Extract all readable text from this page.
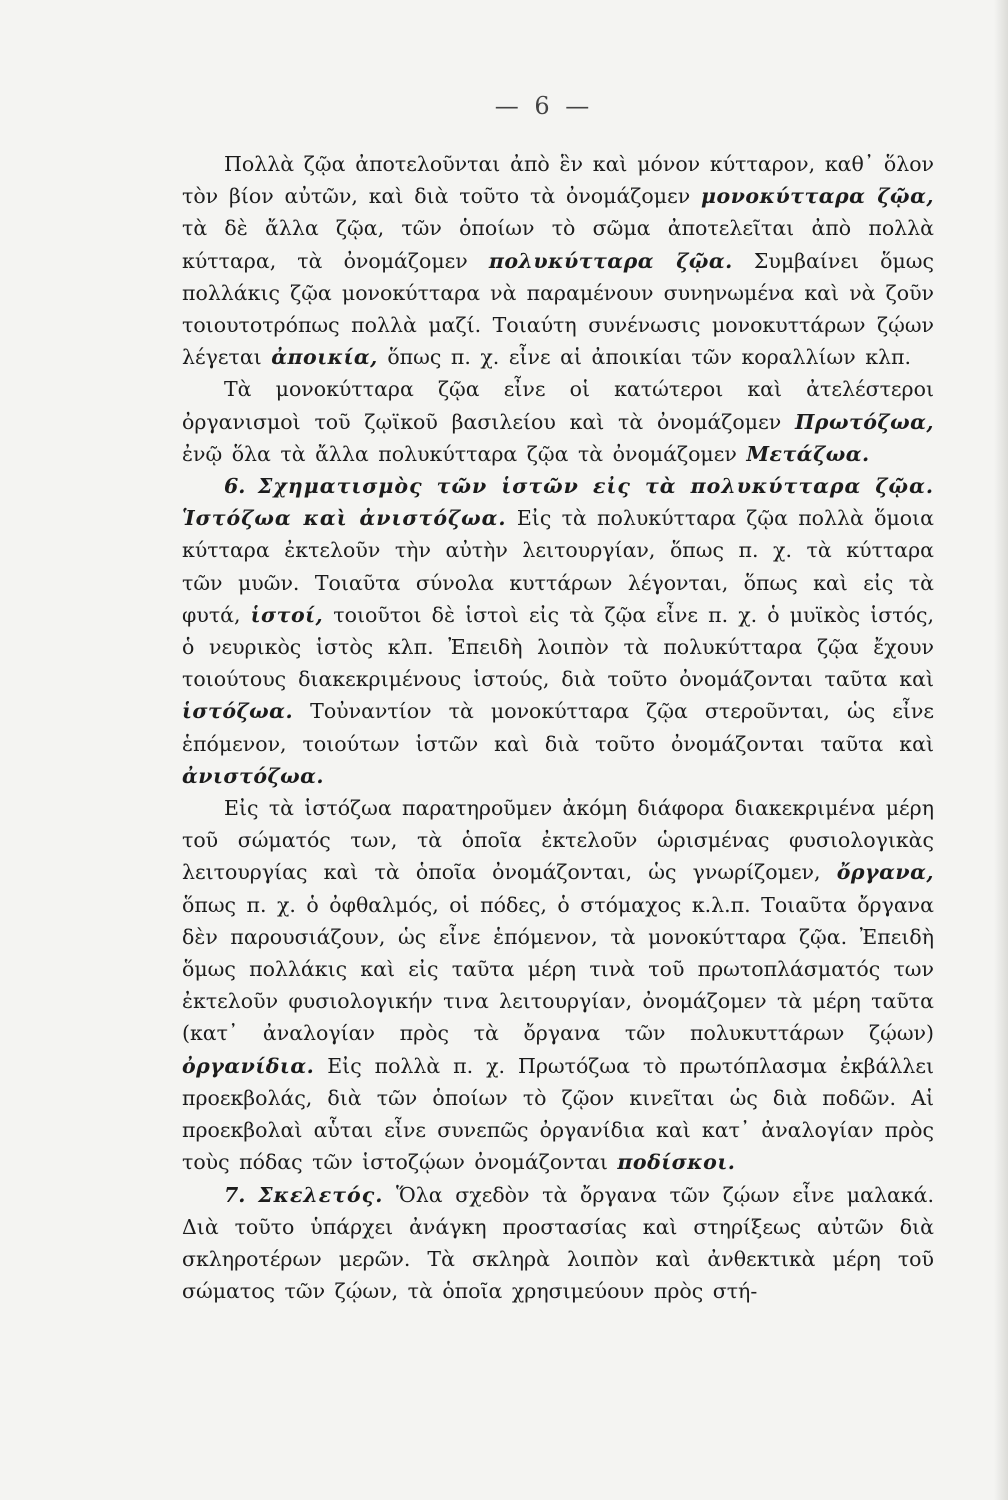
— 6 —

Πολλὰ ζῷα ἀποτελοῦνται ἀπὸ ἓν καὶ μόνον κύτταρον, καθ᾽ ὅλον τὸν βίον αὐτῶν, καὶ διὰ τοῦτο τὰ ὀνομάζομεν μονοκύτταρα ζῷα, τὰ δὲ ἄλλα ζῷα, τῶν ὁποίων τὸ σῶμα ἀποτελεῖται ἀπὸ πολλὰ κύτταρα, τὰ ὀνομάζομεν πολυκύτταρα ζῷα. Συμβαίνει ὅμως πολλάκις ζῷα μονοκύτταρα νὰ παραμένουν συνηνωμένα καὶ νὰ ζοῦν τοιουτοτρόπως πολλὰ μαζί. Τοιαύτη συνένωσις μονοκυττάρων ζῴων λέγεται ἀποικία, ὅπως π. χ. εἶνε αἱ ἀποικίαι τῶν κοραλλίων κλπ.

Τὰ μονοκύτταρα ζῷα εἶνε οἱ κατώτεροι καὶ ἀτελέστεροι ὀργανισμοὶ τοῦ ζῳϊκοῦ βασιλείου καὶ τὰ ὀνομάζομεν Πρωτόζωα, ἐνῷ ὅλα τὰ ἄλλα πολυκύτταρα ζῷα τὰ ὀνομάζομεν Μετάζωα.

6. Σχηματισμὸς τῶν ἱστῶν εἰς τὰ πολυκύτταρα ζῷα. Ἱστόζωα καὶ ἀνιστόζωα. Εἰς τὰ πολυκύτταρα ζῷα πολλὰ ὅμοια κύτταρα ἐκτελοῦν τὴν αὐτὴν λειτουργίαν, ὅπως π. χ. τὰ κύτταρα τῶν μυῶν. Τοιαῦτα σύνολα κυττάρων λέγονται, ὅπως καὶ εἰς τὰ φυτά, ἱστοί, τοιοῦτοι δὲ ἱστοὶ εἰς τὰ ζῷα εἶνε π. χ. ὁ μυϊκὸς ἱστός, ὁ νευρικὸς ἱστὸς κλπ. Ἐπειδὴ λοιπὸν τὰ πολυκύτταρα ζῷα ἔχουν τοιούτους διακεκριμένους ἱστούς, διὰ τοῦτο ὀνομάζονται ταῦτα καὶ ἱστόζωα. Τοὐναντίον τὰ μονοκύτταρα ζῷα στεροῦνται, ὡς εἶνε ἑπόμενον, τοιούτων ἱστῶν καὶ διὰ τοῦτο ὀνομάζονται ταῦτα καὶ ἀνιστόζωα.

Εἰς τὰ ἱστόζωα παρατηροῦμεν ἀκόμη διάφορα διακεκριμένα μέρη τοῦ σώματός των, τὰ ὁποῖα ἐκτελοῦν ὡρισμένας φυσιολογικὰς λειτουργίας καὶ τὰ ὁποῖα ὀνομάζονται, ὡς γνωρίζομεν, ὄργανα, ὅπως π. χ. ὁ ὀφθαλμός, οἱ πόδες, ὁ στόμαχος κ.λ.π. Τοιαῦτα ὄργανα δὲν παρουσιάζουν, ὡς εἶνε ἑπόμενον, τὰ μονοκύτταρα ζῷα. Ἐπειδὴ ὅμως πολλάκις καὶ εἰς ταῦτα μέρη τινὰ τοῦ πρωτοπλάσματός των ἐκτελοῦν φυσιολογικήν τινα λειτουργίαν, ὀνομάζομεν τὰ μέρη ταῦτα (κατ᾽ ἀναλογίαν πρὸς τὰ ὄργανα τῶν πολυκυττάρων ζῴων) ὀργανίδια. Εἰς πολλὰ π. χ. Πρωτόζωα τὸ πρωτόπλασμα ἐκβάλλει προεκβολάς, διὰ τῶν ὁποίων τὸ ζῷον κινεῖται ὡς διὰ ποδῶν. Αἱ προεκβολαὶ αὗται εἶνε συνεπῶς ὀργανίδια καὶ κατ᾽ ἀναλογίαν πρὸς τοὺς πόδας τῶν ἱστοζῴων ὀνομάζονται ποδίσκοι.

7. Σκελετός. Ὅλα σχεδὸν τὰ ὄργανα τῶν ζῴων εἶνε μαλακά. Διὰ τοῦτο ὑπάρχει ἀνάγκη προστασίας καὶ στηρίξεως αὐτῶν διὰ σκληροτέρων μερῶν. Τὰ σκληρὰ λοιπὸν καὶ ἀνθεκτικὰ μέρη τοῦ σώματος τῶν ζῴων, τὰ ὁποῖα χρησιμεύουν πρὸς στή-
